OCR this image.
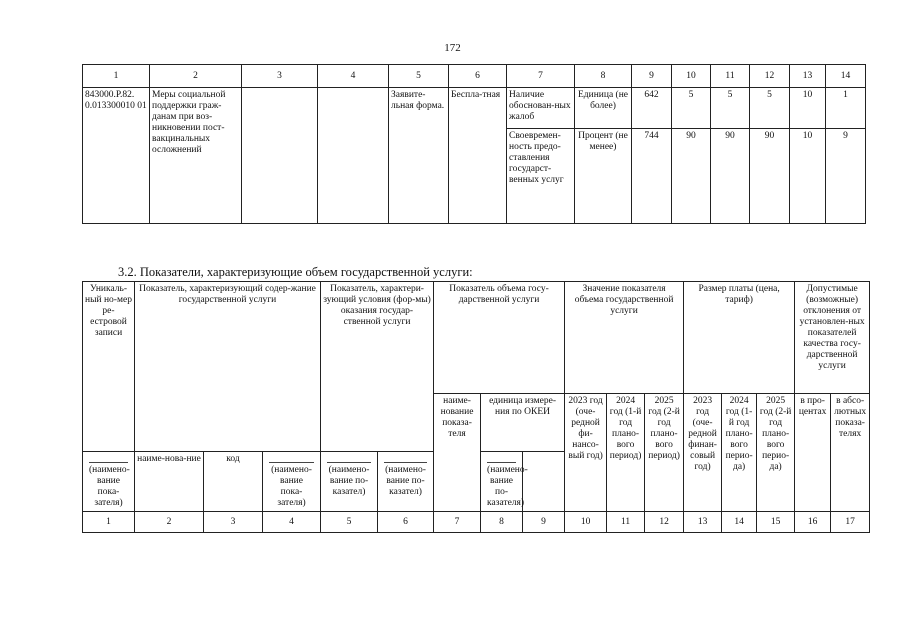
172
1	2	3	4	5	6	7	8	9	10	11	12	13	14
843000.Р.82. 0.013300010 01	Меры социальной поддержки граж-данам при воз-никновении пост-вакцинальных осложнений			Заявите-льная форма.	Беспла-тная	Наличие обоснован-ных жалоб	Единица (не более)	642	5	5	5	10	1
						Своевремен-ность предо-ставления государст-венных услуг	Процент (не менее)	744	90	90	90	10	9
3.2. Показатели, характеризующие объем государственной услуги:
Уникаль-ный но-мер ре-естровой записи	Показатель, характеризующий содер-жание государственной услуги			Показатель, характери-зующий условия (фор-мы) оказания государ-ственной услуги		Показатель объема госу-дарственной услуги			Значение показателя объема государственной услуги			Размер платы (цена, тариф)			Допустимые (возможные) отклонения от установлен-ных показателей качества госу-дарственной услуги	
						наиме-нование показа-теля	единица измере-ния по ОКЕИ		2023 год (оче-редной фи-нансо-вый год)	2024 год (1-й год плано-вого период)	2025 год (2-й год плано-вого период)	2023 год (оче-редной финан-совый год)	2024 год (1-й год плано-вого перио-да)	2025 год (2-й год плано-вого перио-да)	в про-центах	в абсо-лютных показа-телях
	наиме-нова-ние	код														

(наимено-вание пока-зателя)			(наимено-вание пока-зателя)	(наимено-вание по-казател)	(наимено-вание по-казател)		(наимено-вание по-казателя)									

1	2	3	4	5	6	7	8	9	10	11	12	13	14	15	16	17
